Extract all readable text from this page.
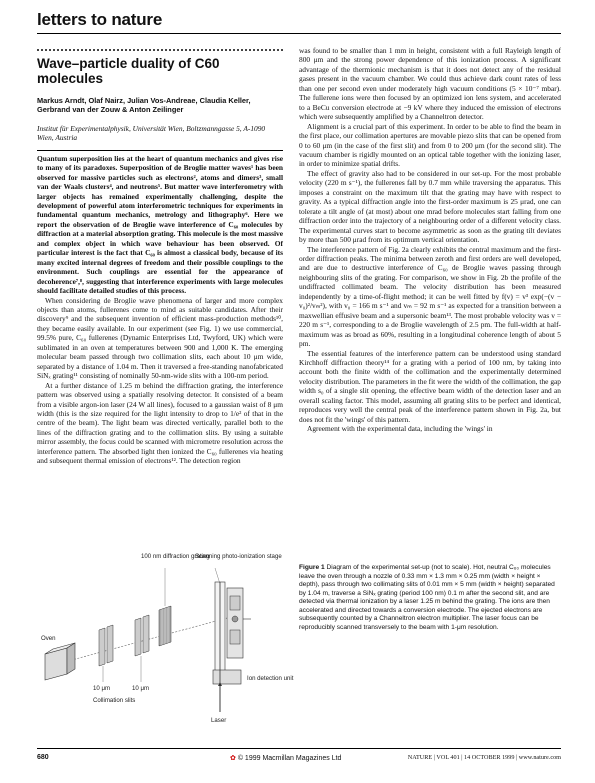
letters to nature
Wave–particle duality of C60 molecules
Markus Arndt, Olaf Nairz, Julian Vos-Andreae, Claudia Keller, Gerbrand van der Zouw & Anton Zeilinger
Institut für Experimentalphysik, Universität Wien, Boltzmanngasse 5, A-1090 Wien, Austria

Quantum superposition lies at the heart of quantum mechanics and gives rise to many of its paradoxes. Superposition of de Broglie matter waves¹ has been observed for massive particles such as electrons², atoms and dimers³, small van der Waals clusters⁴, and neutrons⁵. But matter wave interferometry with larger objects has remained experimentally challenging, despite the development of powerful atom interferometric techniques for experiments in fundamental quantum mechanics, metrology and lithography⁶. Here we report the observation of de Broglie wave interference of C₆₀ molecules by diffraction at a material absorption grating. This molecule is the most massive and complex object in which wave behaviour has been observed. Of particular interest is the fact that C₆₀ is almost a classical body, because of its many excited internal degrees of freedom and their possible couplings to the environment. Such couplings are essential for the appearance of decoherence⁷,⁸, suggesting that interference experiments with large molecules should facilitate detailed studies of this process.

When considering de Broglie wave phenomena of larger and more complex objects than atoms, fullerenes come to mind as suitable candidates. After their discovery⁹ and the subsequent invention of efficient mass-production methods¹⁰, they became easily available. In our experiment (see Fig. 1) we use commercial, 99.5% pure, C₆₀ fullerenes (Dynamic Enterprises Ltd, Twyford, UK) which were sublimated in an oven at temperatures between 900 and 1,000 K. The emerging molecular beam passed through two collimation slits, each about 10 μm wide, separated by a distance of 1.04 m. Then it traversed a free-standing nanofabricated SiNₓ grating¹¹ consisting of nominally 50-nm-wide slits with a 100-nm period.

At a further distance of 1.25 m behind the diffraction grating, the interference pattern was observed using a spatially resolving detector. It consisted of a beam from a visible argon-ion laser (24 W all lines), focused to a gaussian waist of 8 μm width (this is the size required for the light intensity to drop to 1/e² of that in the centre of the beam). The light beam was directed vertically, parallel both to the lines of the diffraction grating and to the collimation slits. By using a suitable mirror assembly, the focus could be scanned with micrometre resolution across the interference pattern. The absorbed light then ionized the C₆₀ fullerenes via heating and subsequent thermal emission of electrons¹². The detection region

was found to be smaller than 1 mm in height, consistent with a full Rayleigh length of 800 μm and the strong power dependence of this ionization process. A significant advantage of the thermionic mechanism is that it does not detect any of the residual gases present in the vacuum chamber. We could thus achieve dark count rates of less than one per second even under moderately high vacuum conditions (5 × 10⁻⁷ mbar). The fullerene ions were then focused by an optimized ion lens system, and accelerated to a BeCu conversion electrode at −9 kV where they induced the emission of electrons which were subsequently amplified by a Channeltron detector.

Alignment is a crucial part of this experiment. In order to be able to find the beam in the first place, our collimation apertures are movable piezo slits that can be opened from 0 to 60 μm (in the case of the first slit) and from 0 to 200 μm (for the second slit). The vacuum chamber is rigidly mounted on an optical table together with the ionizing laser, in order to minimize spatial drifts.

The effect of gravity also had to be considered in our set-up. For the most probable velocity (220 m s⁻¹), the fullerenes fall by 0.7 mm while traversing the apparatus. This imposes a constraint on the maximum tilt that the grating may have with respect to gravity. As a typical diffraction angle into the first-order maximum is 25 μrad, one can tolerate a tilt angle of (at most) about one mrad before molecules start falling from one diffraction order into the trajectory of a neighbouring order of a different velocity class. The experimental curves start to become asymmetric as soon as the grating tilt deviates by more than 500 μrad from its optimum vertical orientation.

The interference pattern of Fig. 2a clearly exhibits the central maximum and the first-order diffraction peaks. The minima between zeroth and first orders are well developed, and are due to destructive interference of C₆₀ de Broglie waves passing through neighbouring slits of the grating. For comparison, we show in Fig. 2b the profile of the undiffracted collimated beam. The velocity distribution has been measured independently by a time-of-flight method; it can be well fitted by f(v) = v³ exp(−(v − v₀)²/vₘ²), with v₀ = 166 m s⁻¹ and vₘ = 92 m s⁻¹ as expected for a transition between a maxwellian effusive beam and a supersonic beam¹³. The most probable velocity was v = 220 m s⁻¹, corresponding to a de Broglie wavelength of 2.5 pm. The full-width at half-maximum was as broad as 60%, resulting in a longitudinal coherence length of about 5 pm.

The essential features of the interference pattern can be understood using standard Kirchhoff diffraction theory¹⁴ for a grating with a period of 100 nm, by taking into account both the finite width of the collimation and the experimentally determined velocity distribution. The parameters in the fit were the width of the collimation, the gap width s₀ of a single slit opening, the effective beam width of the detection laser and an overall scaling factor. This model, assuming all grating slits to be perfect and identical, reproduces very well the central peak of the interference pattern shown in Fig. 2a, but does not fit the 'wings' of this pattern.

Agreement with the experimental data, including the 'wings' in

100 nm diffraction grating
Scanning photo-ionization stage
Oven
10 μm	10 μm
Collimation slits
Ion detection unit
Laser
Figure 1 Diagram of the experimental set-up (not to scale). Hot, neutral C₆₀ molecules leave the oven through a nozzle of 0.33 mm × 1.3 mm × 0.25 mm (width × height × depth), pass through two collimating slits of 0.01 mm × 5 mm (width × height) separated by 1.04 m, traverse a SiNₓ grating (period 100 nm) 0.1 m after the second slit, and are detected via thermal ionization by a laser 1.25 m behind the grating. The ions are then accelerated and directed towards a conversion electrode. The ejected electrons are subsequently counted by a Channeltron electron multiplier. The laser focus can be reproducibly scanned transversely to the beam with 1-μm resolution.
680	✿ © 1999 Macmillan Magazines Ltd	NATURE | VOL 401 | 14 OCTOBER 1999 | www.nature.com
